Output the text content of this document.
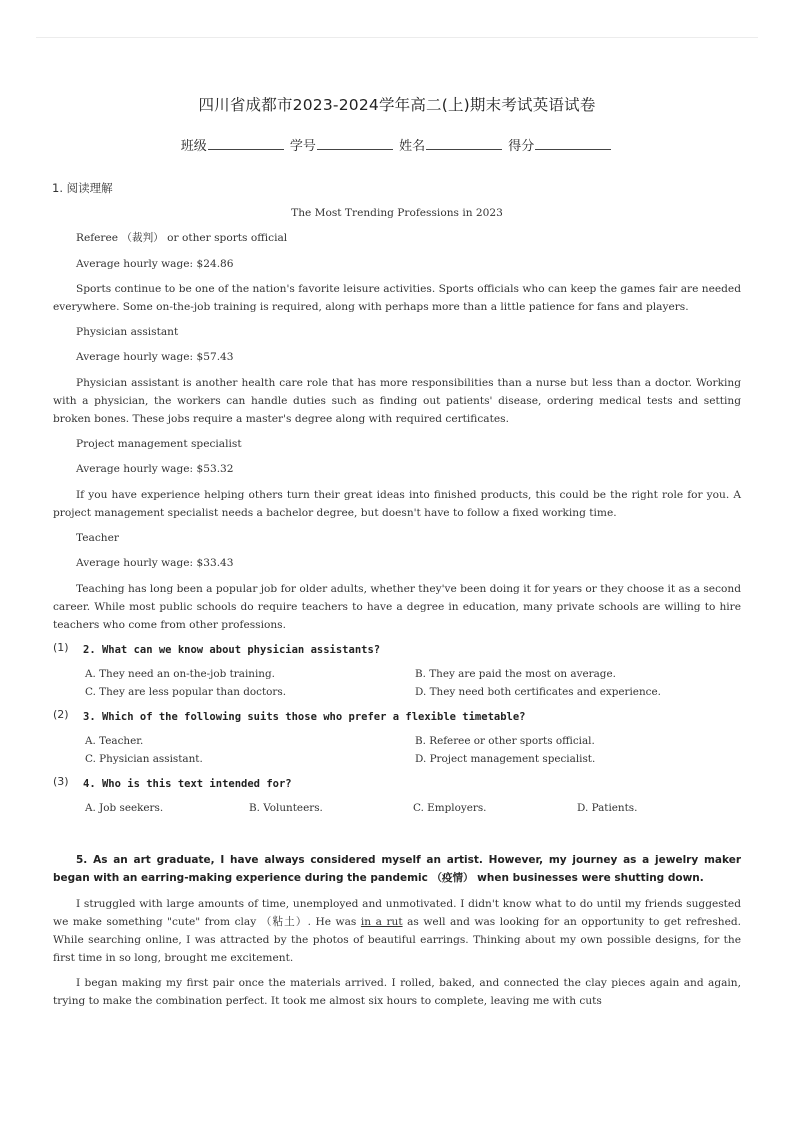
四川省成都市2023-2024学年高二(上)期末考试英语试卷
班级	学号	姓名	得分
1. 阅读理解

The Most Trending Professions in 2023

Referee （裁判） or other sports official

Average hourly wage: $24.86

Sports continue to be one of the nation's favorite leisure activities. Sports officials who can keep the games fair are needed everywhere. Some on-the-job training is required, along with perhaps more than a little patience for fans and players.

Physician assistant

Average hourly wage: $57.43

Physician assistant is another health care role that has more responsibilities than a nurse but less than a doctor. Working with a physician, the workers can handle duties such as finding out patients' disease, ordering medical tests and setting broken bones. These jobs require a master's degree along with required certificates.

Project management specialist

Average hourly wage: $53.32

If you have experience helping others turn their great ideas into finished products, this could be the right role for you. A project management specialist needs a bachelor degree, but doesn't have to follow a fixed working time.

Teacher

Average hourly wage: $33.43

Teaching has long been a popular job for older adults, whether they've been doing it for years or they choose it as a second career. While most public schools do require teachers to have a degree in education, many private schools are willing to hire teachers who come from other professions.

(1)	2. What can we know about physician assistants?
A. They need an on-the-job training.	B. They are paid the most on average.
C. They are less popular than doctors.	D. They need both certificates and experience.
(2)	3. Which of the following suits those who prefer a flexible timetable?
A. Teacher.	B. Referee or other sports official.
C. Physician assistant.	D. Project management specialist.
(3)	4. Who is this text intended for?
A. Job seekers.	B. Volunteers.	C. Employers.	D. Patients.

5. As an art graduate, I have always considered myself an artist. However, my journey as a jewelry maker began with an earring-making experience during the pandemic （疫情） when businesses were shutting down.

I struggled with large amounts of time, unemployed and unmotivated. I didn't know what to do until my friends suggested we make something "cute" from clay （粘土）. He was in a rut as well and was looking for an opportunity to get refreshed. While searching online, I was attracted by the photos of beautiful earrings. Thinking about my own possible designs, for the first time in so long, brought me excitement.

I began making my first pair once the materials arrived. I rolled, baked, and connected the clay pieces again and again, trying to make the combination perfect. It took me almost six hours to complete, leaving me with cuts
